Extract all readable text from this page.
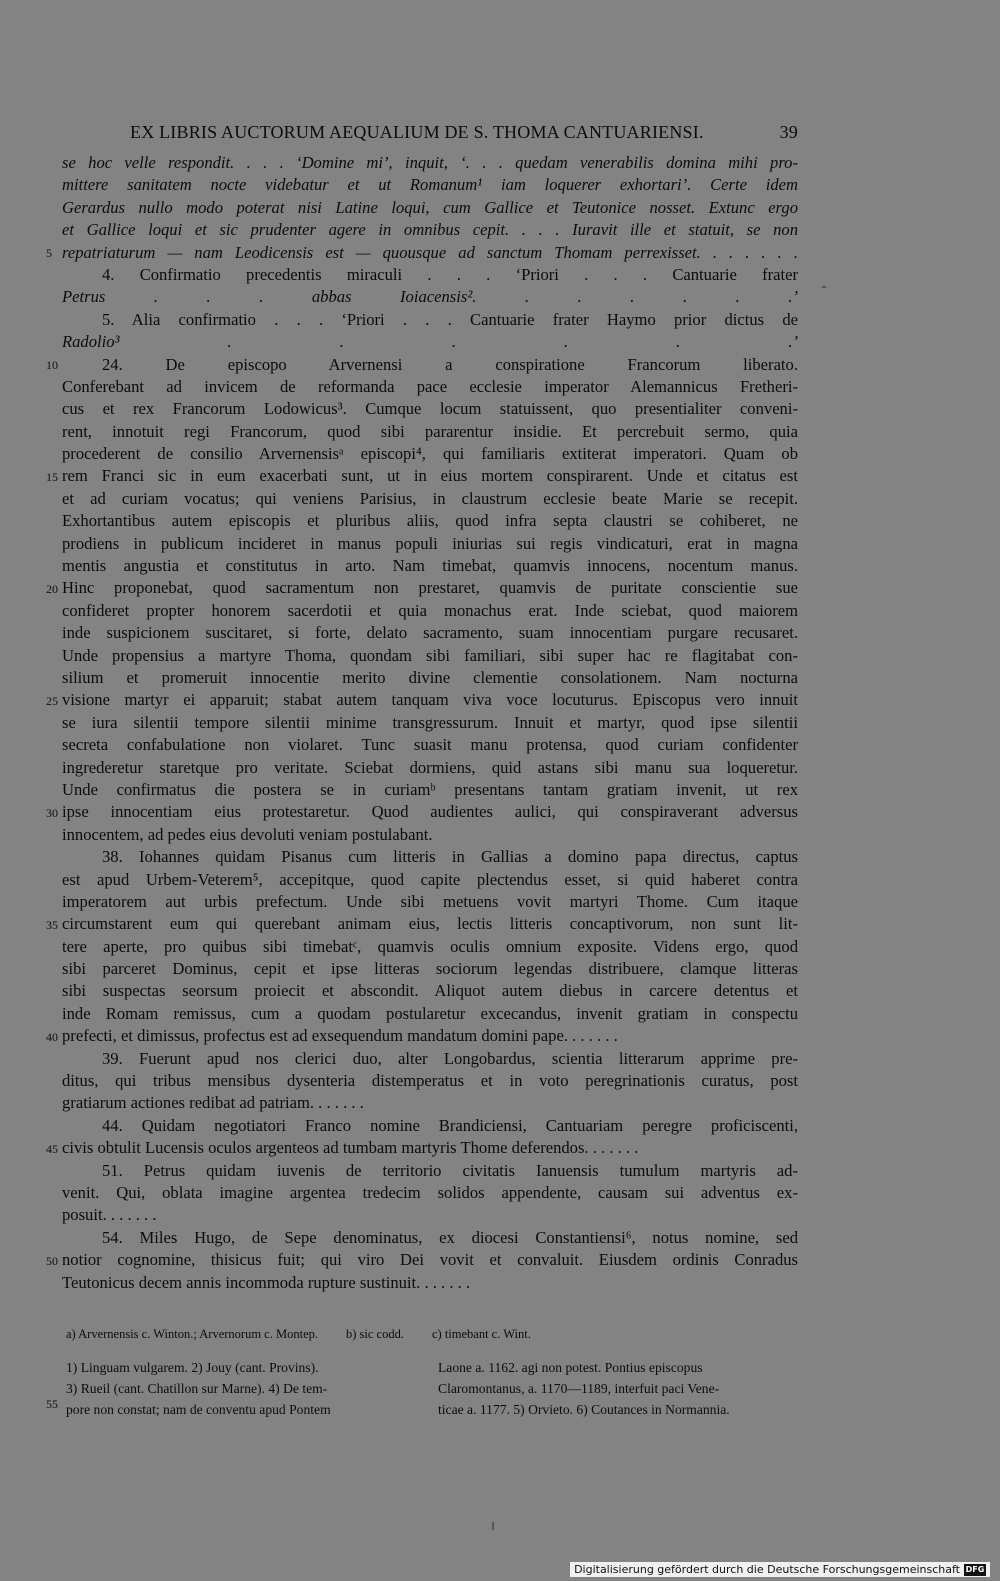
EX LIBRIS AUCTORUM AEQUALIUM DE S. THOMA CANTUARIENSI.	39
se hoc velle respondit. . . . ‘Domine mi’, inquit, ‘. . . quedam venerabilis domina mihi pro-
mittere sanitatem nocte videbatur et ut Romanum¹ iam loquerer exhortari’. Certe idem
Gerardus nullo modo poterat nisi Latine loqui, cum Gallice et Teutonice nosset. Extunc ergo
et Gallice loqui et sic prudenter agere in omnibus cepit. . . . Iuravit ille et statuit, se non
repatriaturum — nam Leodicensis est — quousque ad sanctum Thomam perrexisset. . . . . . .
4. Confirmatio precedentis miraculi . . . ‘Priori . . . Cantuarie frater
Petrus . . . abbas Ioiacensis². . . . . . .’
5. Alia confirmatio . . . ‘Priori . . . Cantuarie frater Haymo prior dictus de
Radolio³ . . . . . .’
24. De episcopo Arvernensi a conspiratione Francorum liberato.
Conferebant ad invicem de reformanda pace ecclesie imperator Alemannicus Fretheri-
cus et rex Francorum Lodowicus³. Cumque locum statuissent, quo presentialiter conveni-
rent, innotuit regi Francorum, quod sibi pararentur insidie. Et percrebuit sermo, quia
procederent de consilio Arvernensisᵃ episcopi⁴, qui familiaris extiterat imperatori. Quam ob
rem Franci sic in eum exacerbati sunt, ut in eius mortem conspirarent. Unde et citatus est
et ad curiam vocatus; qui veniens Parisius, in claustrum ecclesie beate Marie se recepit.
Exhortantibus autem episcopis et pluribus aliis, quod infra septa claustri se cohiberet, ne
prodiens in publicum incideret in manus populi iniurias sui regis vindicaturi, erat in magna
mentis angustia et constitutus in arto. Nam timebat, quamvis innocens, nocentum manus.
Hinc proponebat, quod sacramentum non prestaret, quamvis de puritate conscientie sue
confideret propter honorem sacerdotii et quia monachus erat. Inde sciebat, quod maiorem
inde suspicionem suscitaret, si forte, delato sacramento, suam innocentiam purgare recusaret.
Unde propensius a martyre Thoma, quondam sibi familiari, sibi super hac re flagitabat con-
silium et promeruit innocentie merito divine clementie consolationem. Nam nocturna
visione martyr ei apparuit; stabat autem tanquam viva voce locuturus. Episcopus vero innuit
se iura silentii tempore silentii minime transgressurum. Innuit et martyr, quod ipse silentii
secreta confabulatione non violaret. Tunc suasit manu protensa, quod curiam confidenter
ingrederetur staretque pro veritate. Sciebat dormiens, quid astans sibi manu sua loqueretur.
Unde confirmatus die postera se in curiamᵇ presentans tantam gratiam invenit, ut rex
ipse innocentiam eius protestaretur. Quod audientes aulici, qui conspiraverant adversus
innocentem, ad pedes eius devoluti veniam postulabant.
38. Iohannes quidam Pisanus cum litteris in Gallias a domino papa directus, captus
est apud Urbem-Veterem⁵, accepitque, quod capite plectendus esset, si quid haberet contra
imperatorem aut urbis prefectum. Unde sibi metuens vovit martyri Thome. Cum itaque
circumstarent eum qui querebant animam eius, lectis litteris concaptivorum, non sunt lit-
tere aperte, pro quibus sibi timebatᶜ, quamvis oculis omnium exposite. Videns ergo, quod
sibi parceret Dominus, cepit et ipse litteras sociorum legendas distribuere, clamque litteras
sibi suspectas seorsum proiecit et abscondit. Aliquot autem diebus in carcere detentus et
inde Romam remissus, cum a quodam postularetur excecandus, invenit gratiam in conspectu
prefecti, et dimissus, profectus est ad exsequendum mandatum domini pape. . . . . . .
39. Fuerunt apud nos clerici duo, alter Longobardus, scientia litterarum apprime pre-
ditus, qui tribus mensibus dysenteria distemperatus et in voto peregrinationis curatus, post
gratiarum actiones redibat ad patriam. . . . . . .
44. Quidam negotiatori Franco nomine Brandiciensi, Cantuariam peregre proficiscenti,
civis obtulit Lucensis oculos argenteos ad tumbam martyris Thome deferendos. . . . . . .
51. Petrus quidam iuvenis de territorio civitatis Ianuensis tumulum martyris ad-
venit. Qui, oblata imagine argentea tredecim solidos appendente, causam sui adventus ex-
posuit. . . . . . .
54. Miles Hugo, de Sepe denominatus, ex diocesi Constantiensi⁶, notus nomine, sed
notior cognomine, thisicus fuit; qui viro Dei vovit et convaluit. Eiusdem ordinis Conradus
Teutonicus decem annis incommoda rupture sustinuit. . . . . . .
5
10
15
20
25
30
35
40
45
50
a) Arvernensis c. Winton.; Arvernorum c. Montep. b) sic codd. c) timebant c. Wint.
1) Linguam vulgarem. 2) Jouy (cant. Provins).
3) Rueil (cant. Chatillon sur Marne). 4) De tem-
pore non constat; nam de conventu apud Pontem
Laone a. 1162. agi non potest. Pontius episcopus
Claromontanus, a. 1170—1189, interfuit paci Vene-
ticae a. 1177. 5) Orvieto. 6) Coutances in Normannia.
55
Digitalisierung gefördert durch die Deutsche Forschungsgemeinschaft DFG
